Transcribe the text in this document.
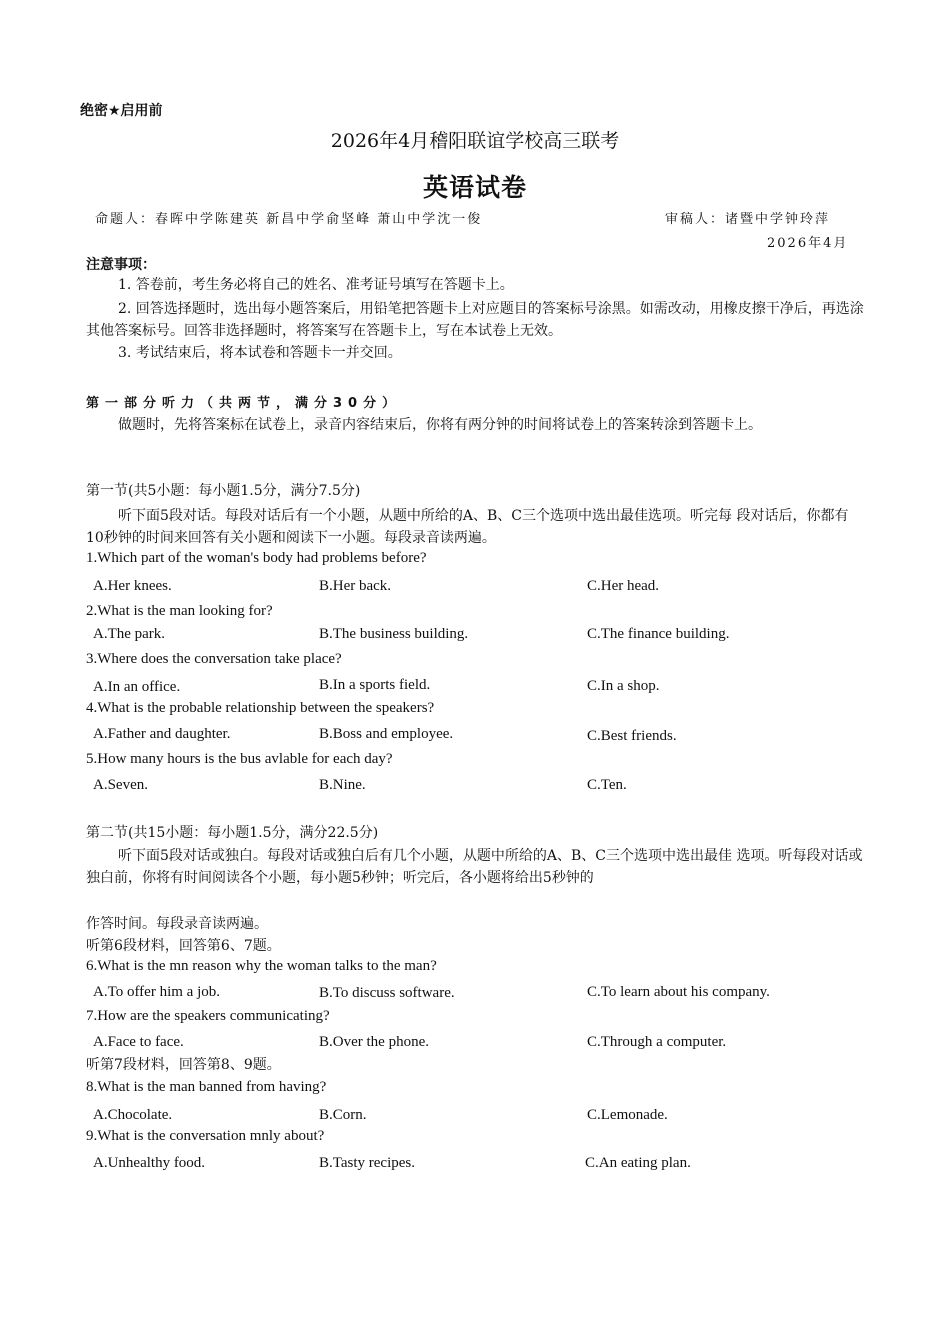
绝密★启用前
2026年4月稽阳联谊学校高三联考
英语试卷
命题人：春晖中学陈建英 新昌中学俞坚峰 萧山中学沈一俊	审稿人：诸暨中学钟玲萍
2026年4月
注意事项：
1. 答卷前，考生务必将自己的姓名、准考证号填写在答题卡上。
2. 回答选择题时，选出每小题答案后，用铅笔把答题卡上对应题目的答案标号涂黑。如需改动，用橡皮擦干净后，再选涂其他答案标号。回答非选择题时，将答案写在答题卡上，写在本试卷上无效。
3. 考试结束后，将本试卷和答题卡一并交回。
第一部分听力（共两节，满分30分）
做题时，先将答案标在试卷上，录音内容结束后，你将有两分钟的时间将试卷上的答案转涂到答题卡上。
第一节(共5小题：每小题1.5分，满分7.5分)
听下面5段对话。每段对话后有一个小题，从题中所给的A、B、C三个选项中选出最佳选项。听完每 段对话后，你都有10秒钟的时间来回答有关小题和阅读下一小题。每段录音读两遍。
1.Which part of the woman's body had problems before?
A.Her knees.	B.Her back.	C.Her head.
2.What is the man looking for?
A.The park.	B.The business building.	C.The finance building.
3.Where does the conversation take place?
A.In an office.	B.In a sports field.	C.In a shop.
4.What is the probable relationship between the speakers?
A.Father and daughter.	B.Boss and employee.	C.Best friends.
5.How many hours is the bus avlable for each day?
A.Seven.	B.Nine.	C.Ten.
第二节(共15小题：每小题1.5分，满分22.5分)
听下面5段对话或独白。每段对话或独白后有几个小题，从题中所给的A、B、C三个选项中选出最佳 选项。听每段对话或独白前，你将有时间阅读各个小题，每小题5秒钟；听完后，各小题将给出5秒钟的
作答时间。每段录音读两遍。
听第6段材料，回答第6、7题。
6.What is the mn reason why the woman talks to the man?
A.To offer him a job.	B.To discuss software.	C.To learn about his company.
7.How are the speakers communicating?
A.Face to face.	B.Over the phone.	C.Through a computer.
听第7段材料，回答第8、9题。
8.What is the man banned from having?
A.Chocolate.	B.Corn.	C.Lemonade.
9.What is the conversation mnly about?
A.Unhealthy food.	B.Tasty recipes.	C.An eating plan.
